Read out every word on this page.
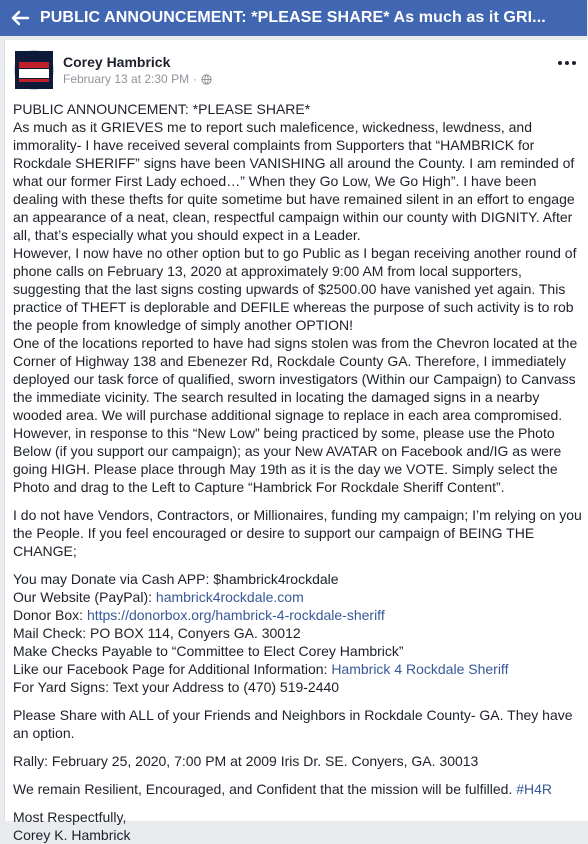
PUBLIC ANNOUNCEMENT: *PLEASE SHARE* As much as it GRI...
Corey Hambrick
February 13 at 2:30 PM ·
PUBLIC ANNOUNCEMENT: *PLEASE SHARE*
As much as it GRIEVES me to report such maleficence, wickedness, lewdness, and
immorality- I have received several complaints from Supporters that “HAMBRICK for
Rockdale SHERIFF” signs have been VANISHING all around the County. I am reminded of
what our former First Lady echoed…” When they Go Low, We Go High”. I have been
dealing with these thefts for quite sometime but have remained silent in an effort to engage
an appearance of a neat, clean, respectful campaign within our county with DIGNITY. After
all, that’s especially what you should expect in a Leader.
However, I now have no other option but to go Public as I began receiving another round of
phone calls on February 13, 2020 at approximately 9:00 AM from local supporters,
suggesting that the last signs costing upwards of $2500.00 have vanished yet again. This
practice of THEFT is deplorable and DEFILE whereas the purpose of such activity is to rob
the people from knowledge of simply another OPTION!
One of the locations reported to have had signs stolen was from the Chevron located at the
Corner of Highway 138 and Ebenezer Rd, Rockdale County GA. Therefore, I immediately
deployed our task force of qualified, sworn investigators (Within our Campaign) to Canvass
the immediate vicinity. The search resulted in locating the damaged signs in a nearby
wooded area. We will purchase additional signage to replace in each area compromised.
However, in response to this “New Low” being practiced by some, please use the Photo
Below (if you support our campaign); as your New AVATAR on Facebook and/IG as were
going HIGH. Please place through May 19th as it is the day we VOTE. Simply select the
Photo and drag to the Left to Capture “Hambrick For Rockdale Sheriff Content”.
I do not have Vendors, Contractors, or Millionaires, funding my campaign; I’m relying on you
the People. If you feel encouraged or desire to support our campaign of BEING THE
CHANGE;
You may Donate via Cash APP: $hambrick4rockdale
Our Website (PayPal): hambrick4rockdale.com
Donor Box: https://donorbox.org/hambrick-4-rockdale-sheriff
Mail Check: PO BOX 114, Conyers GA. 30012
Make Checks Payable to “Committee to Elect Corey Hambrick”
Like our Facebook Page for Additional Information: Hambrick 4 Rockdale Sheriff
For Yard Signs: Text your Address to (470) 519-2440
Please Share with ALL of your Friends and Neighbors in Rockdale County- GA. They have
an option.
Rally: February 25, 2020, 7:00 PM at 2009 Iris Dr. SE. Conyers, GA. 30013
We remain Resilient, Encouraged, and Confident that the mission will be fulfilled. #H4R
Most Respectfully,
Corey K. Hambrick
